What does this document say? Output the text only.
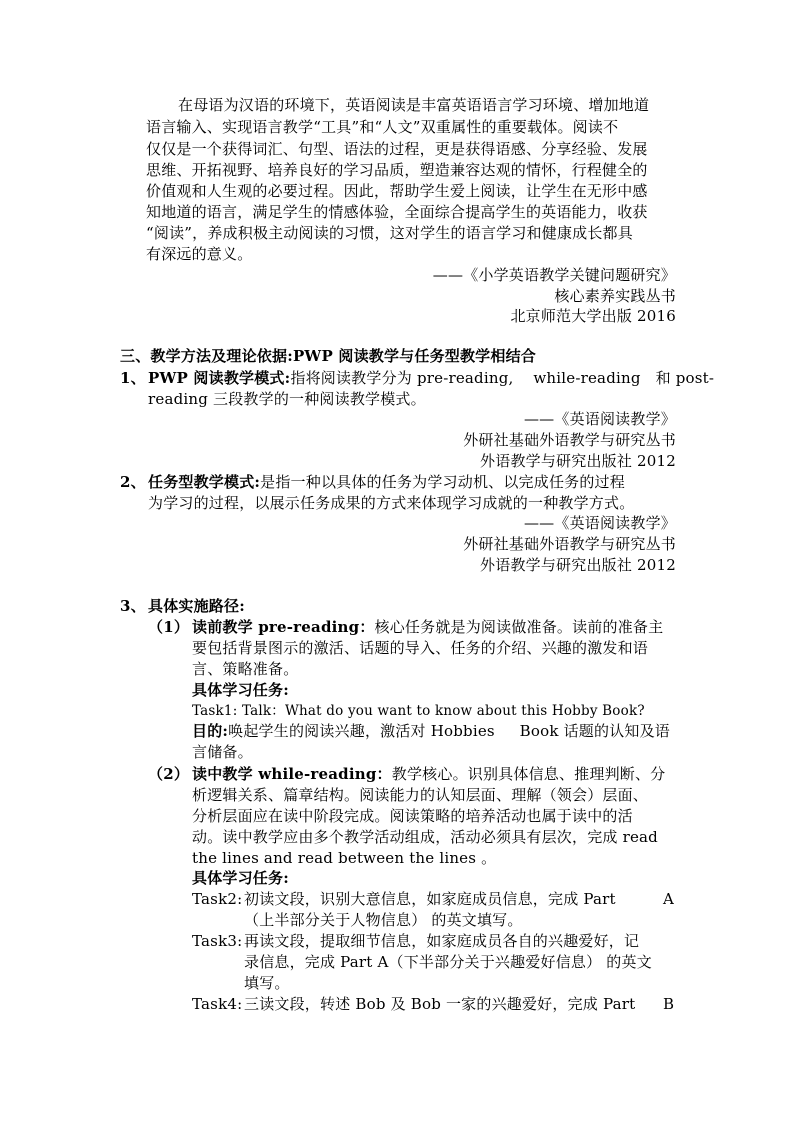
在母语为汉语的环境下，英语阅读是丰富英语语言学习环境、增加地道
语言输入、实现语言教学“工具”和“人文”双重属性的重要载体。阅读不
仅仅是一个获得词汇、句型、语法的过程，更是获得语感、分享经验、发展
思维、开拓视野、培养良好的学习品质，塑造兼容达观的情怀，行程健全的
价值观和人生观的必要过程。因此，帮助学生爱上阅读，让学生在无形中感
知地道的语言，满足学生的情感体验，全面综合提高学生的英语能力，收获
“阅读”，养成积极主动阅读的习惯，这对学生的语言学习和健康成长都具
有深远的意义。
——《小学英语教学关键问题研究》
核心素养实践丛书
北京师范大学出版 2016
三、教学方法及理论依据:PWP 阅读教学与任务型教学相结合
1、 PWP 阅读教学模式:指将阅读教学分为 pre-reading, while-reading 和 post-
reading 三段教学的一种阅读教学模式。
——《英语阅读教学》
外研社基础外语教学与研究丛书
外语教学与研究出版社 2012
2、 任务型教学模式:是指一种以具体的任务为学习动机、以完成任务的过程
为学习的过程，以展示任务成果的方式来体现学习成就的一种教学方式。
——《英语阅读教学》
外研社基础外语教学与研究丛书
外语教学与研究出版社 2012
3、 具体实施路径:
（1） 读前教学 pre-reading：核心任务就是为阅读做准备。读前的准备主
要包括背景图示的激活、话题的导入、任务的介绍、兴趣的激发和语
言、策略准备。
具体学习任务:
Task1: Talk：What do you want to know about this Hobby Book?
目的:唤起学生的阅读兴趣，激活对 Hobbies Book 话题的认知及语
言储备。
（2） 读中教学 while-reading：教学核心。识别具体信息、推理判断、分
析逻辑关系、篇章结构。阅读能力的认知层面、理解（领会）层面、
分析层面应在读中阶段完成。阅读策略的培养活动也属于读中的活
动。读中教学应由多个教学活动组成，活动必须具有层次，完成 read
the lines and read between the lines 。
具体学习任务:
Task2: 初读文段，识别大意信息，如家庭成员信息，完成 Part	A
（上半部分关于人物信息） 的英文填写。
Task3: 再读文段，提取细节信息，如家庭成员各自的兴趣爱好，记
录信息，完成 Part A（下半部分关于兴趣爱好信息） 的英文
填写。
Task4: 三读文段，转述 Bob 及 Bob 一家的兴趣爱好，完成 Part B
